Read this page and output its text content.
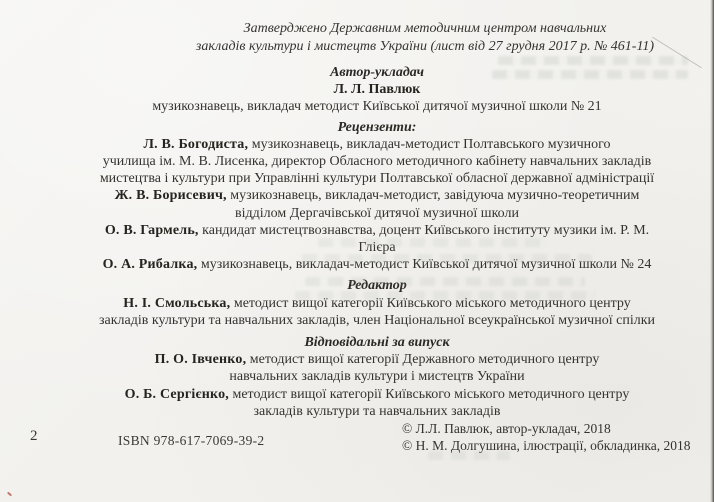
Затверджено Державним методичним центром навчальних

закладів культури і мистецтв України (лист від 27 грудня 2017 р. № 461-11)

Автор-укладач

Л. Л. Павлюк

музикознавець, викладач методист Київської дитячої музичної школи № 21

Рецензенти:

Л. В. Богодиста, музикознавець, викладач-методист Полтавського музичного

училища ім. М. В. Лисенка, директор Обласного методичного кабінету навчальних закладів

мистецтва і культури при Управлінні культури Полтавської обласної державної адміністрації

Ж. В. Борисевич, музикознавець, викладач-методист, завідуюча музично-теоретичним

відділом Дергачівської дитячої музичної школи

О. В. Гармель, кандидат мистецтвознавства, доцент Київського інституту музики ім. Р. М.

Глієра

О. А. Рибалка, музикознавець, викладач-методист Київської дитячої музичної школи № 24

Редактор

Н. І. Смольська, методист вищої категорії Київського міського методичного центру

закладів культури та навчальних закладів, член Національної всеукраїнської музичної спілки

Відповідальні за випуск

П. О. Івченко, методист вищої категорії Державного методичного центру

навчальних закладів культури і мистецтв України

О. Б. Сергієнко, методист вищої категорії Київського міського методичного центру

закладів культури та навчальних закладів

2	ISBN 978-617-7069-39-2
© Л.Л. Павлюк, автор-укладач, 2018
© Н. М. Долгушина, ілюстрації, обкладинка, 2018
